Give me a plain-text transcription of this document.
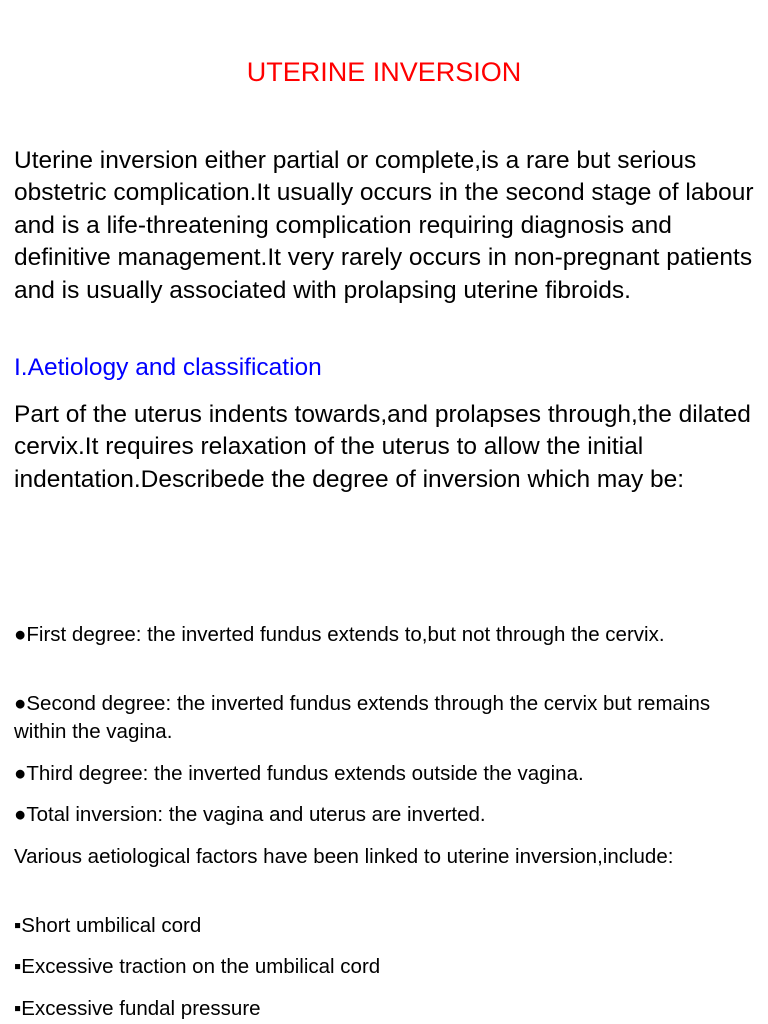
UTERINE INVERSION
Uterine inversion either partial or complete,is a rare but serious obstetric complication.It usually occurs in the second stage of labour and is a life-threatening complication requiring diagnosis and definitive management.It very rarely occurs in non-pregnant patients and is usually associated with prolapsing uterine fibroids.
I.Aetiology and classification
Part of the uterus indents towards,and prolapses through,the dilated cervix.It requires relaxation of the uterus to allow the initial indentation.Describede the degree of inversion which may be:
●First degree: the inverted fundus extends to,but not through the cervix.
●Second degree: the inverted fundus extends through the cervix but remains within the vagina.
●Third degree: the inverted fundus extends outside the vagina.
●Total inversion: the vagina and uterus are inverted.
Various aetiological factors have been linked to uterine inversion,include:
▪Short umbilical cord
▪Excessive traction on the umbilical cord
▪Excessive fundal pressure
